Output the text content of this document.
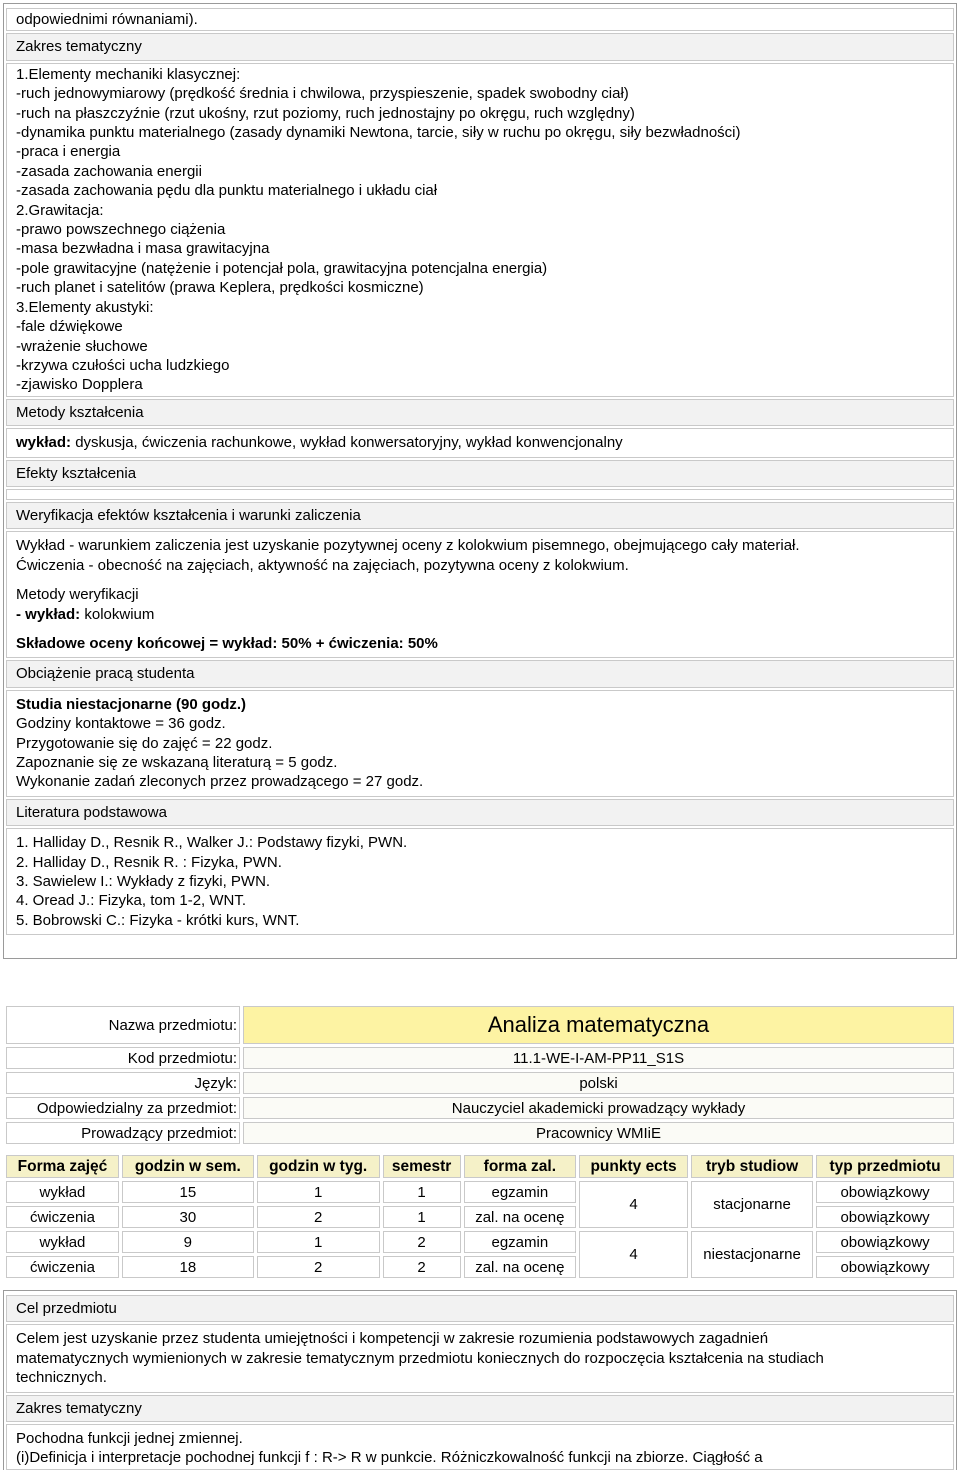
odpowiednimi równaniami).
Zakres tematyczny
1.Elementy mechaniki klasycznej:
-ruch jednowymiarowy (prędkość średnia i chwilowa, przyspieszenie, spadek swobodny ciał)
-ruch na płaszczyźnie (rzut ukośny, rzut poziomy, ruch jednostajny po okręgu, ruch względny)
-dynamika punktu materialnego (zasady dynamiki Newtona, tarcie, siły w ruchu po okręgu, siły bezwładności)
-praca i energia
-zasada zachowania energii
-zasada zachowania pędu dla punktu materialnego i układu ciał
2.Grawitacja:
-prawo powszechnego ciążenia
-masa bezwładna i masa grawitacyjna
-pole grawitacyjne (natężenie i potencjał pola, grawitacyjna potencjalna energia)
-ruch planet i satelitów (prawa Keplera, prędkości kosmiczne)
3.Elementy akustyki:
-fale dźwiękowe
-wrażenie słuchowe
-krzywa czułości ucha ludzkiego
-zjawisko Dopplera
Metody kształcenia
wykład: dyskusja, ćwiczenia rachunkowe, wykład konwersatoryjny, wykład konwencjonalny
Efekty kształcenia
Weryfikacja efektów kształcenia i warunki zaliczenia
Wykład - warunkiem zaliczenia jest uzyskanie pozytywnej oceny z kolokwium pisemnego, obejmującego cały materiał.
Ćwiczenia - obecność na zajęciach, aktywność na zajęciach, pozytywna oceny z kolokwium.
Metody weryfikacji
- wykład: kolokwium
Składowe oceny końcowej = wykład: 50% + ćwiczenia: 50%
Obciążenie pracą studenta
Studia niestacjonarne (90 godz.)
Godziny kontaktowe = 36 godz.
Przygotowanie się do zajęć = 22 godz.
Zapoznanie się ze wskazaną literaturą = 5 godz.
Wykonanie zadań zleconych przez prowadzącego = 27 godz.
Literatura podstawowa
1. Halliday D., Resnik R., Walker J.: Podstawy fizyki, PWN.
2. Halliday D., Resnik R. : Fizyka, PWN.
3. Sawielew I.: Wykłady z fizyki, PWN.
4. Oread J.: Fizyka, tom 1-2, WNT.
5. Bobrowski C.: Fizyka - krótki kurs, WNT.
Nazwa przedmiotu:	Analiza matematyczna
Kod przedmiotu:	11.1-WE-I-AM-PP11_S1S
Język:	polski
Odpowiedzialny za przedmiot:	Nauczyciel akademicki prowadzący wykłady
Prowadzący przedmiot:	Pracownicy WMIiE
Forma zajęć	godzin w sem.	godzin w tyg.	semestr	forma zal.	punkty ects	tryb studiow	typ przedmiotu
wykład	15	1	1	egzamin	4	stacjonarne	obowiązkowy
ćwiczenia	30	2	1	zal. na ocenę			obowiązkowy
wykład	9	1	2	egzamin	4	niestacjonarne	obowiązkowy
ćwiczenia	18	2	2	zal. na ocenę			obowiązkowy
Cel przedmiotu
Celem jest uzyskanie przez studenta umiejętności i kompetencji w zakresie rozumienia podstawowych zagadnień
matematycznych wymienionych w zakresie tematycznym przedmiotu koniecznych do rozpoczęcia kształcenia na studiach
technicznych.
Zakres tematyczny
Pochodna funkcji jednej zmiennej.
(i)Definicja i interpretacje pochodnej funkcji f : R-> R w punkcie. Różniczkowalność funkcji na zbiorze. Ciągłość a
